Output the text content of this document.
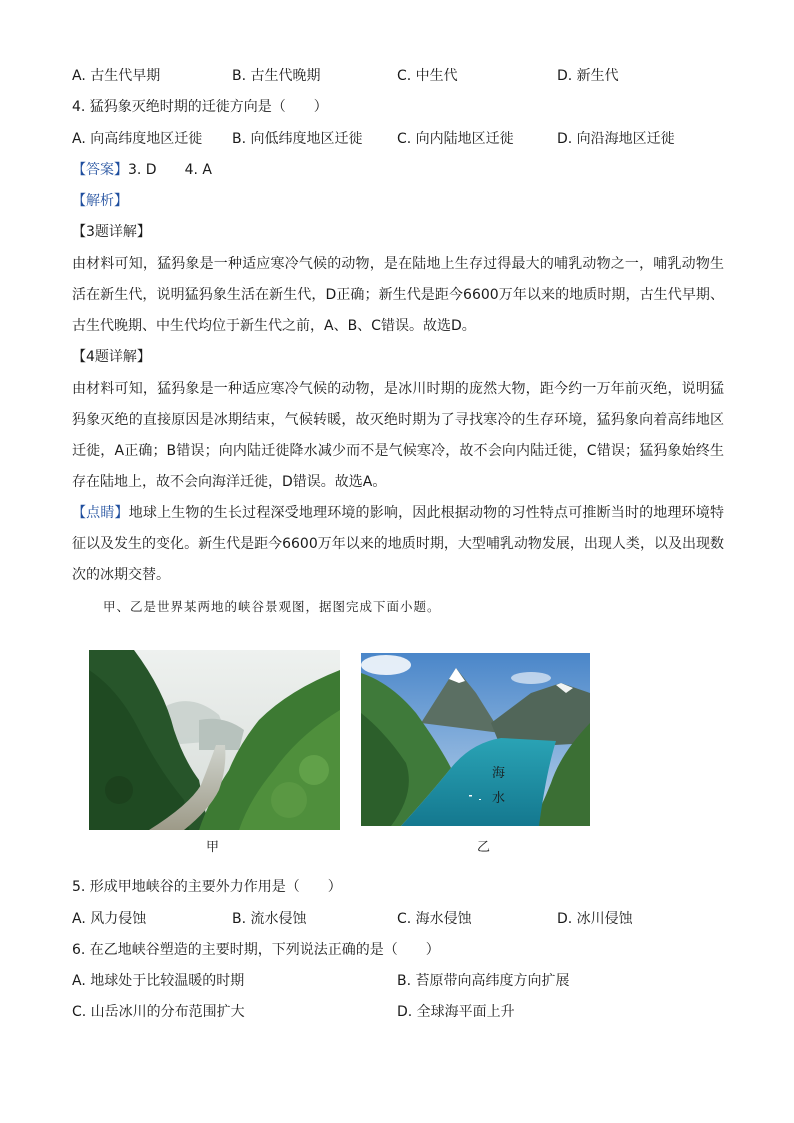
A. 古生代早期	B. 古生代晚期	C. 中生代	D. 新生代
4. 猛犸象灭绝时期的迁徙方向是（　　）
A. 向高纬度地区迁徙 B. 向低纬度地区迁徙 C. 向内陆地区迁徙	D. 向沿海地区迁徙
【答案】3. D　　4. A
【解析】
【3题详解】
由材料可知，猛犸象是一种适应寒冷气候的动物，是在陆地上生存过得最大的哺乳动物之一，哺乳动物生活在新生代，说明猛犸象生活在新生代，D正确；新生代是距今6600万年以来的地质时期，古生代早期、古生代晚期、中生代均位于新生代之前，A、B、C错误。故选D。
【4题详解】
由材料可知，猛犸象是一种适应寒冷气候的动物，是冰川时期的庞然大物，距今约一万年前灭绝，说明猛犸象灭绝的直接原因是冰期结束，气候转暖，故灭绝时期为了寻找寒冷的生存环境，猛犸象向着高纬地区迁徙，A正确；B错误；向内陆迁徙降水减少而不是气候寒冷，故不会向内陆迁徙，C错误；猛犸象始终生存在陆地上，故不会向海洋迁徙，D错误。故选A。
【点睛】地球上生物的生长过程深受地理环境的影响，因此根据动物的习性特点可推断当时的地理环境特征以及发生的变化。新生代是距今6600万年以来的地质时期，大型哺乳动物发展，出现人类，以及出现数次的冰期交替。
甲、乙是世界某两地的峡谷景观图，据图完成下面小题。
甲
海
水
乙
5. 形成甲地峡谷的主要外力作用是（　　）
A. 风力侵蚀	B. 流水侵蚀	C. 海水侵蚀	D. 冰川侵蚀
6. 在乙地峡谷塑造的主要时期，下列说法正确的是（　　）
A. 地球处于比较温暖的时期	B. 苔原带向高纬度方向扩展
C. 山岳冰川的分布范围扩大	D. 全球海平面上升
